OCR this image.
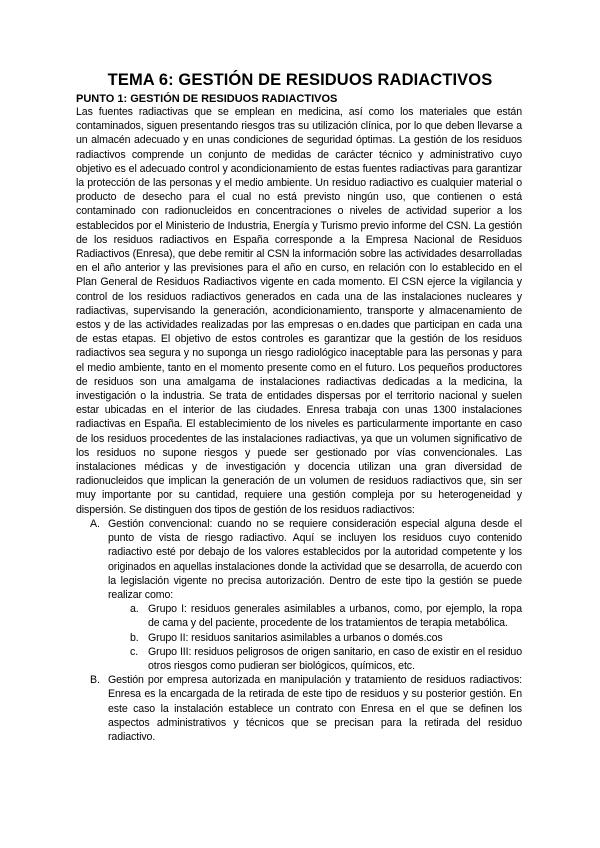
TEMA 6: GESTIÓN DE RESIDUOS RADIACTIVOS
PUNTO 1: GESTIÓN DE RESIDUOS RADIACTIVOS

Las fuentes radiactivas que se emplean en medicina, así como los materiales que están contaminados, siguen presentando riesgos tras su utilización clínica, por lo que deben llevarse a un almacén adecuado y en unas condiciones de seguridad óptimas. La gestión de los residuos radiactivos comprende un conjunto de medidas de carácter técnico y administrativo cuyo objetivo es el adecuado control y acondicionamiento de estas fuentes radiactivas para garantizar la protección de las personas y el medio ambiente. Un residuo radiactivo es cualquier material o producto de desecho para el cual no está previsto ningún uso, que contienen o está contaminado con radionucleidos en concentraciones o niveles de actividad superior a los establecidos por el Ministerio de Industria, Energía y Turismo previo informe del CSN. La gestión de los residuos radiactivos en España corresponde a la Empresa Nacional de Residuos Radiactivos (Enresa), que debe remitir al CSN la información sobre las actividades desarrolladas en el año anterior y las previsiones para el año en curso, en relación con lo establecido en el Plan General de Residuos Radiactivos vigente en cada momento. El CSN ejerce la vigilancia y control de los residuos radiactivos generados en cada una de las instalaciones nucleares y radiactivas, supervisando la generación, acondicionamiento, transporte y almacenamiento de estos y de las actividades realizadas por las empresas o en.dades que participan en cada una de estas etapas. El objetivo de estos controles es garantizar que la gestión de los residuos radiactivos sea segura y no suponga un riesgo radiológico inaceptable para las personas y para el medio ambiente, tanto en el momento presente como en el futuro. Los pequeños productores de residuos son una amalgama de instalaciones radiactivas dedicadas a la medicina, la investigación o la industria. Se trata de entidades dispersas por el territorio nacional y suelen estar ubicadas en el interior de las ciudades. Enresa trabaja con unas 1300 instalaciones radiactivas en España. El establecimiento de los niveles es particularmente importante en caso de los residuos procedentes de las instalaciones radiactivas, ya que un volumen significativo de los residuos no supone riesgos y puede ser gestionado por vías convencionales. Las instalaciones médicas y de investigación y docencia utilizan una gran diversidad de radionucleidos que implican la generación de un volumen de residuos radiactivos que, sin ser muy importante por su cantidad, requiere una gestión compleja por su heterogeneidad y dispersión. Se distinguen dos tipos de gestión de los residuos radiactivos:

A. Gestión convencional: cuando no se requiere consideración especial alguna desde el punto de vista de riesgo radiactivo. Aquí se incluyen los residuos cuyo contenido radiactivo esté por debajo de los valores establecidos por la autoridad competente y los originados en aquellas instalaciones donde la actividad que se desarrolla, de acuerdo con la legislación vigente no precisa autorización. Dentro de este tipo la gestión se puede realizar como:
a. Grupo I: residuos generales asimilables a urbanos, como, por ejemplo, la ropa de cama y del paciente, procedente de los tratamientos de terapia metabólica.
b. Grupo II: residuos sanitarios asimilables a urbanos o domés.cos
c. Grupo III: residuos peligrosos de origen sanitario, en caso de existir en el residuo otros riesgos como pudieran ser biológicos, químicos, etc.
B. Gestión por empresa autorizada en manipulación y tratamiento de residuos radiactivos: Enresa es la encargada de la retirada de este tipo de residuos y su posterior gestión. En este caso la instalación establece un contrato con Enresa en el que se definen los aspectos administrativos y técnicos que se precisan para la retirada del residuo radiactivo.
